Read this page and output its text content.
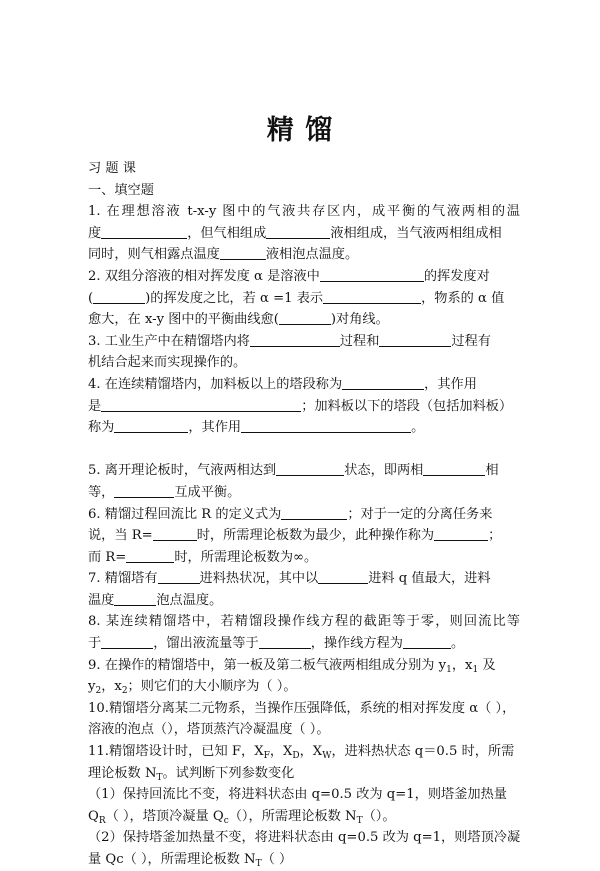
精 馏
习 题 课
一、填空题
1. 在理想溶液 t-x-y 图中的气液共存区内，成平衡的气液两相的温
度	，但气相组成	液相组成，当气液两相组成相
同时，则气相露点温度	液相泡点温度。
2. 双组分溶液的相对挥发度 α 是溶液中	的挥发度对
(	)的挥发度之比，若 α =1 表示	，物系的 α 值
愈大，在 x-y 图中的平衡曲线愈(	)对角线。
3. 工业生产中在精馏塔内将	过程和	过程有
机结合起来而实现操作的。
4. 在连续精馏塔内，加料板以上的塔段称为	，其作用
是	；加料板以下的塔段（包括加料板）
称为	，其作用	。
5. 离开理论板时，气液两相达到	状态，即两相	相
等，	互成平衡。
6. 精馏过程回流比 R 的定义式为	；对于一定的分离任务来
说，当 R=	时，所需理论板数为最少，此种操作称为	；
而 R=	时，所需理论板数为∞。
7. 精馏塔有	进料热状况，其中以	进料 q 值最大，进料
温度	泡点温度。
8. 某连续精馏塔中，若精馏段操作线方程的截距等于零，则回流比等
于	，馏出液流量等于	，操作线方程为	。
9. 在操作的精馏塔中，第一板及第二板气液两相组成分别为 $y_1$，$x_1$ 及
$y_2$，$x_2$；则它们的大小顺序为（ ）。
10.精馏塔分离某二元物系，当操作压强降低，系统的相对挥发度 α（ ），
溶液的泡点（），塔顶蒸汽冷凝温度（ ）。
11.精馏塔设计时，已知 F，$X_F$，$X_D$，$X_W$，进料热状态 q＝0.5 时，所需
理论板数 $N_T$。试判断下列参数变化
（1）保持回流比不变，将进料状态由 q=0.5 改为 q=1，则塔釜加热量
$Q_R$（ ），塔顶冷凝量 $Q_c()$，所需理论板数 $N_T()$。
（2）保持塔釜加热量不变，将进料状态由 q=0.5 改为 q=1，则塔顶冷凝
量 Qc（ ），所需理论板数 $N_T$（ ）
